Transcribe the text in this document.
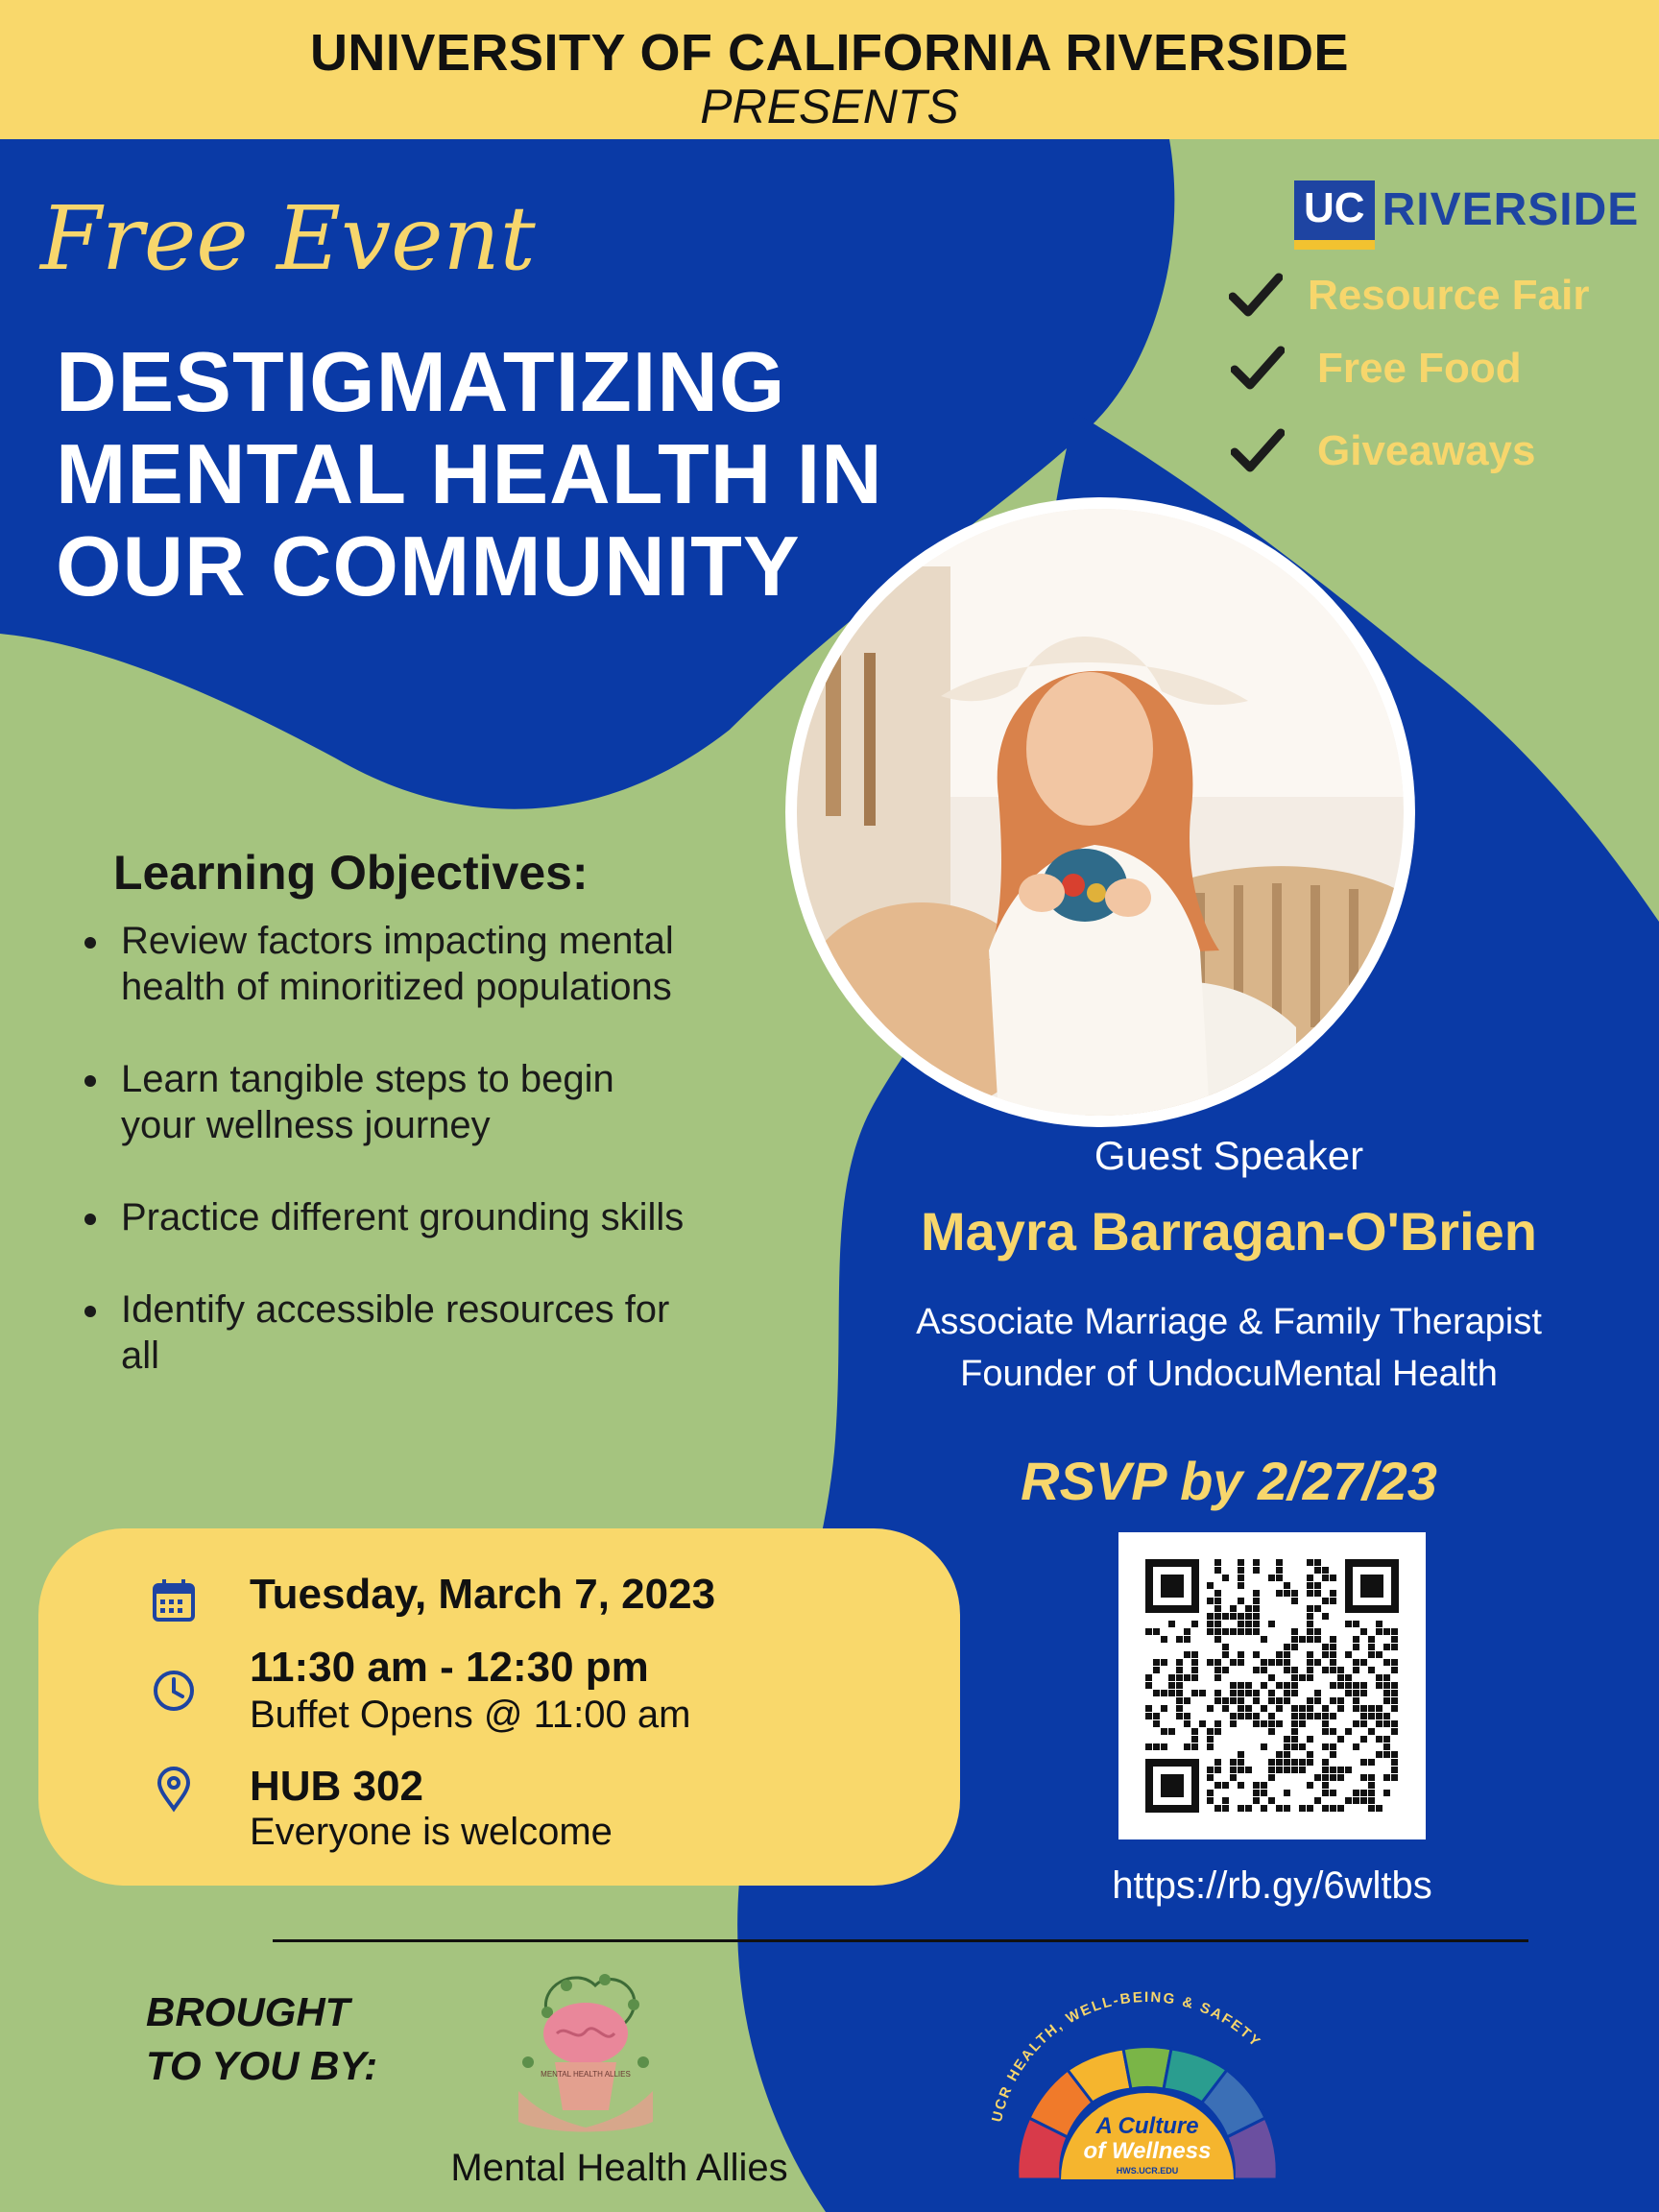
UNIVERSITY OF CALIFORNIA RIVERSIDE
PRESENTS
Free Event
DESTIGMATIZING
MENTAL HEALTH IN
OUR COMMUNITY
UC RIVERSIDE
Resource Fair
Free Food
Giveaways
Learning Objectives:
Review factors impacting mental health of minoritized populations
Learn tangible steps to begin your wellness journey
Practice different grounding skills
Identify accessible resources for all
Guest Speaker
Mayra Barragan-O'Brien
Associate Marriage & Family Therapist
Founder of UndocuMental Health
RSVP by 2/27/23
https://rb.gy/6wltbs
Tuesday, March 7, 2023
11:30 am - 12:30 pm
Buffet Opens @ 11:00 am
HUB 302
Everyone is welcome
BROUGHT
TO YOU BY:	MENTAL HEALTH ALLIES
Mental Health Allies
UCR HEALTH, WELL-BEING & SAFETY
A Culture
of Wellness
HWS.UCR.EDU
